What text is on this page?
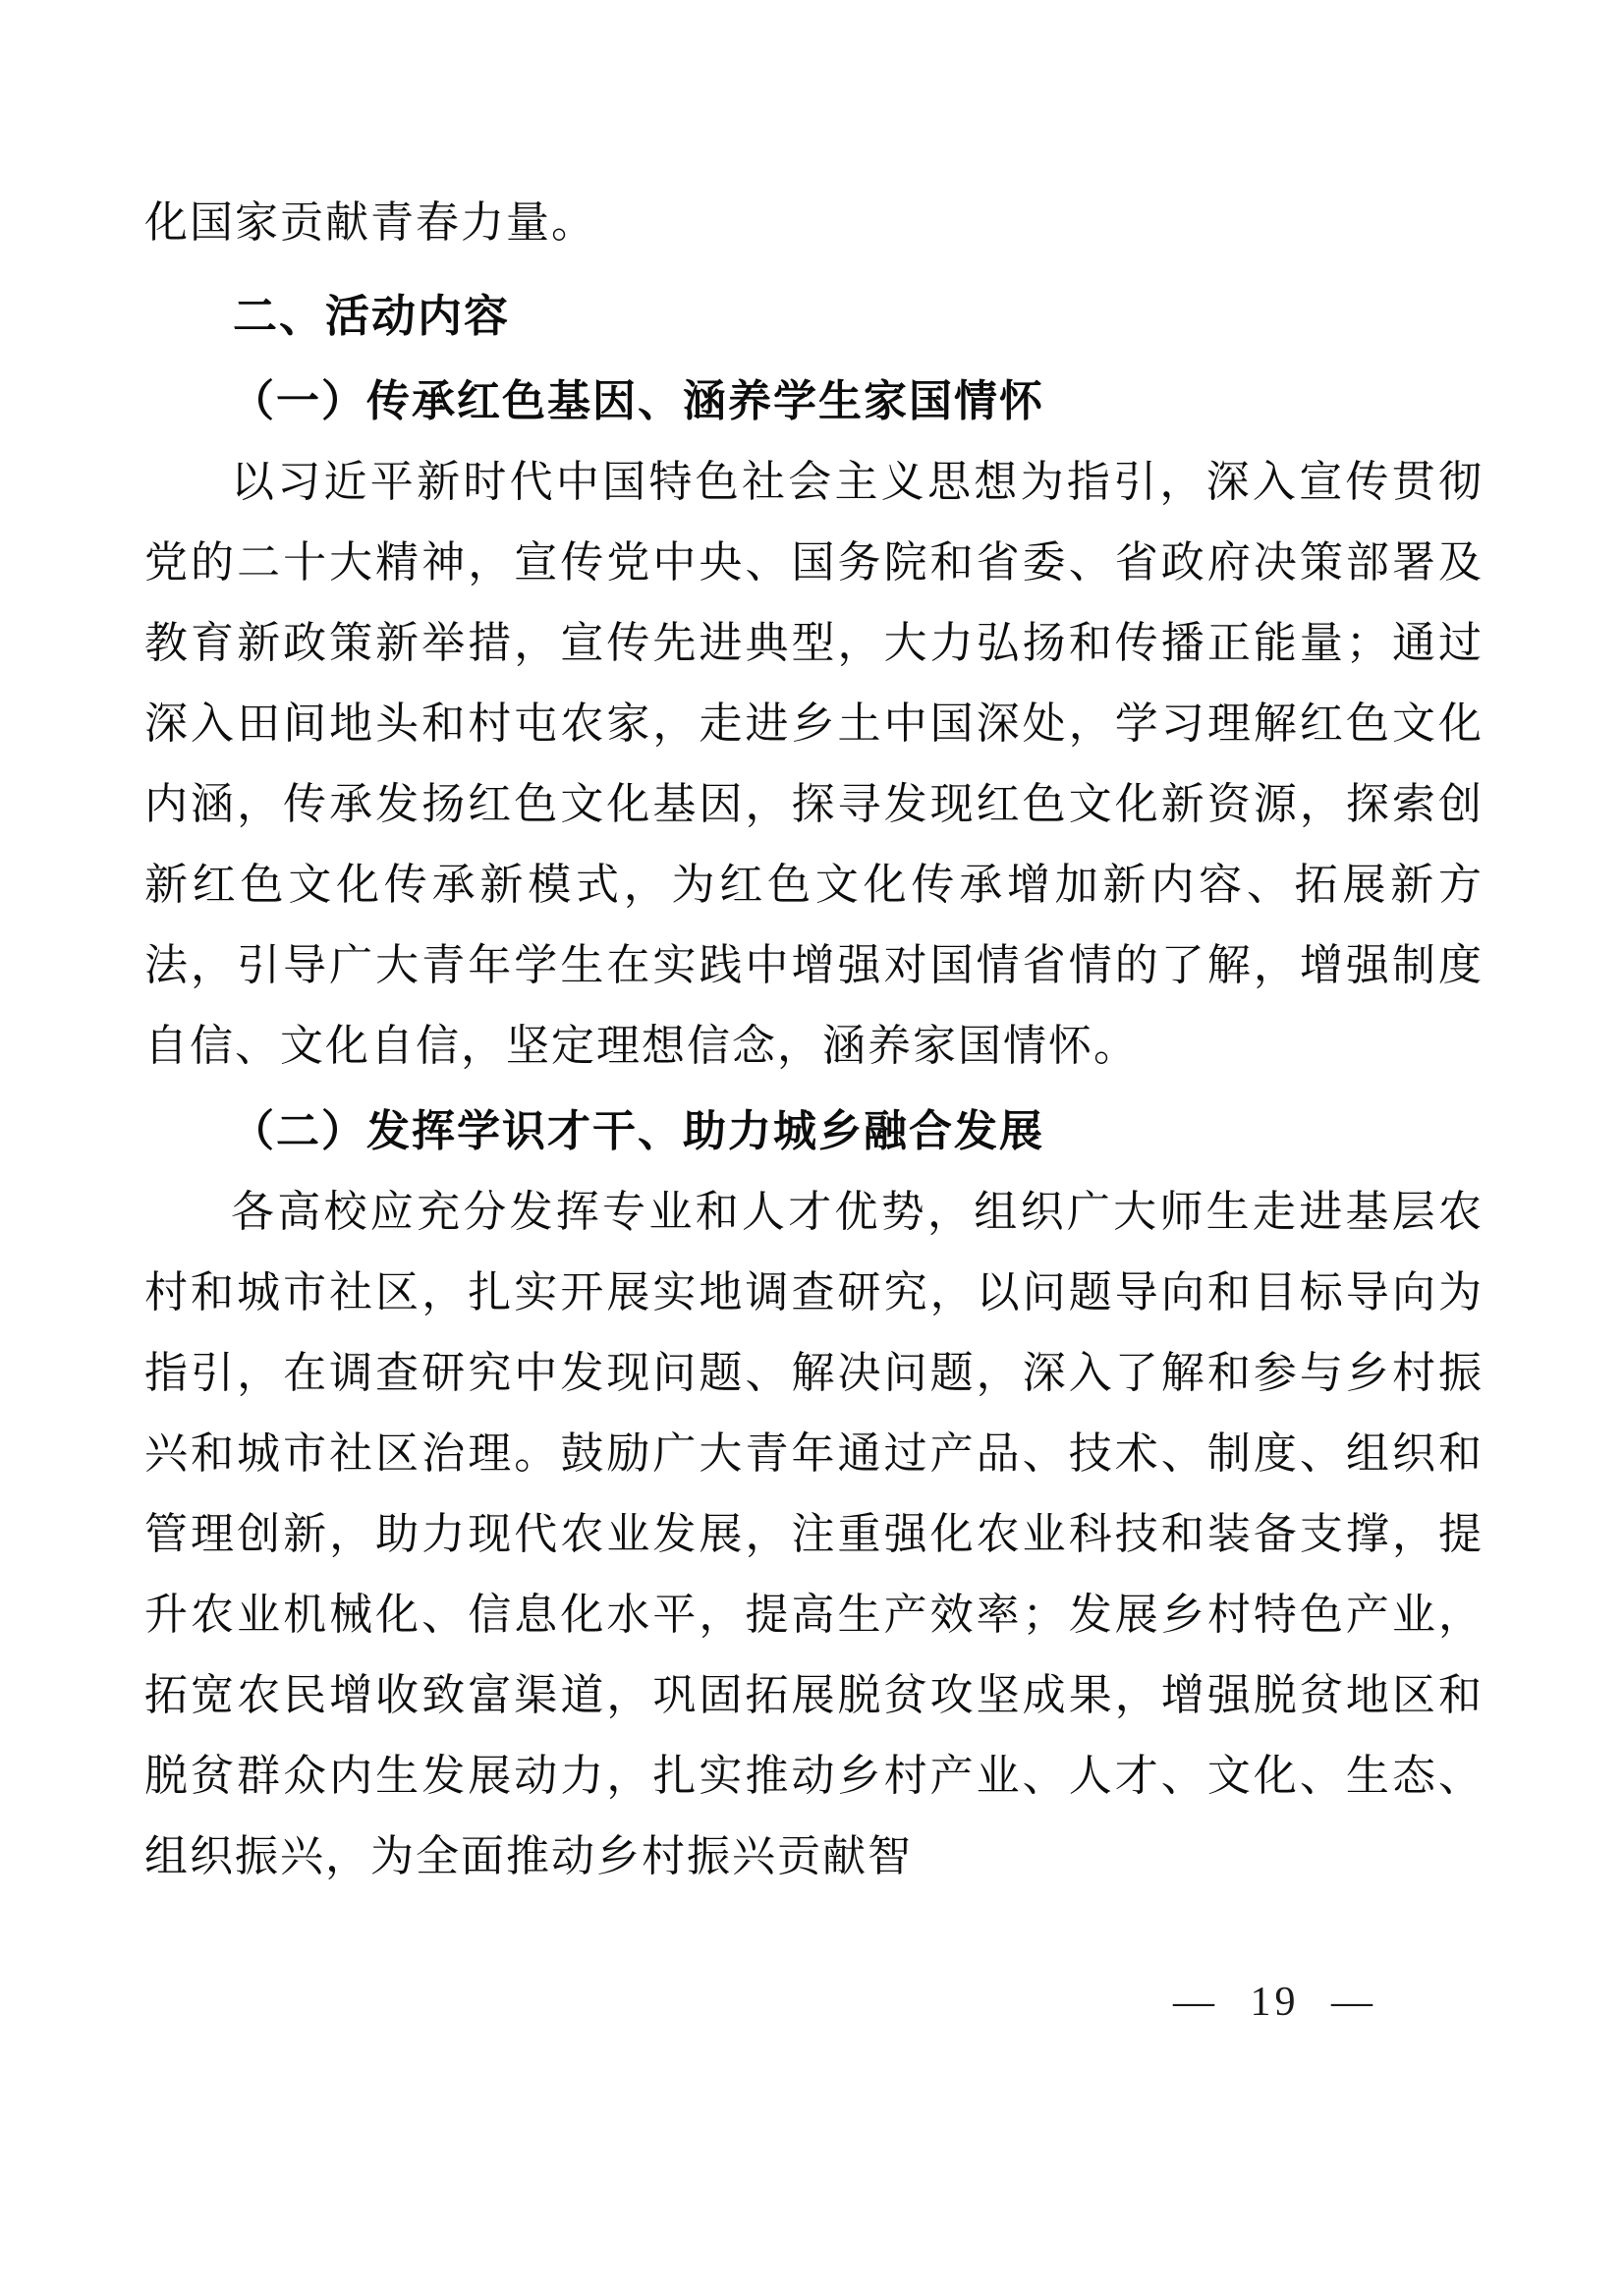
化国家贡献青春力量。

二、活动内容
（一）传承红色基因、涵养学生家国情怀

以习近平新时代中国特色社会主义思想为指引，深入宣传贯彻党的二十大精神，宣传党中央、国务院和省委、省政府决策部署及教育新政策新举措，宣传先进典型，大力弘扬和传播正能量；通过深入田间地头和村屯农家，走进乡土中国深处，学习理解红色文化内涵，传承发扬红色文化基因，探寻发现红色文化新资源，探索创新红色文化传承新模式，为红色文化传承增加新内容、拓展新方法，引导广大青年学生在实践中增强对国情省情的了解，增强制度自信、文化自信，坚定理想信念，涵养家国情怀。

（二）发挥学识才干、助力城乡融合发展

各高校应充分发挥专业和人才优势，组织广大师生走进基层农村和城市社区，扎实开展实地调查研究，以问题导向和目标导向为指引，在调查研究中发现问题、解决问题，深入了解和参与乡村振兴和城市社区治理。鼓励广大青年通过产品、技术、制度、组织和管理创新，助力现代农业发展，注重强化农业科技和装备支撑，提升农业机械化、信息化水平，提高生产效率；发展乡村特色产业，拓宽农民增收致富渠道，巩固拓展脱贫攻坚成果，增强脱贫地区和脱贫群众内生发展动力，扎实推动乡村产业、人才、文化、生态、组织振兴，为全面推动乡村振兴贡献智

— 19 —
